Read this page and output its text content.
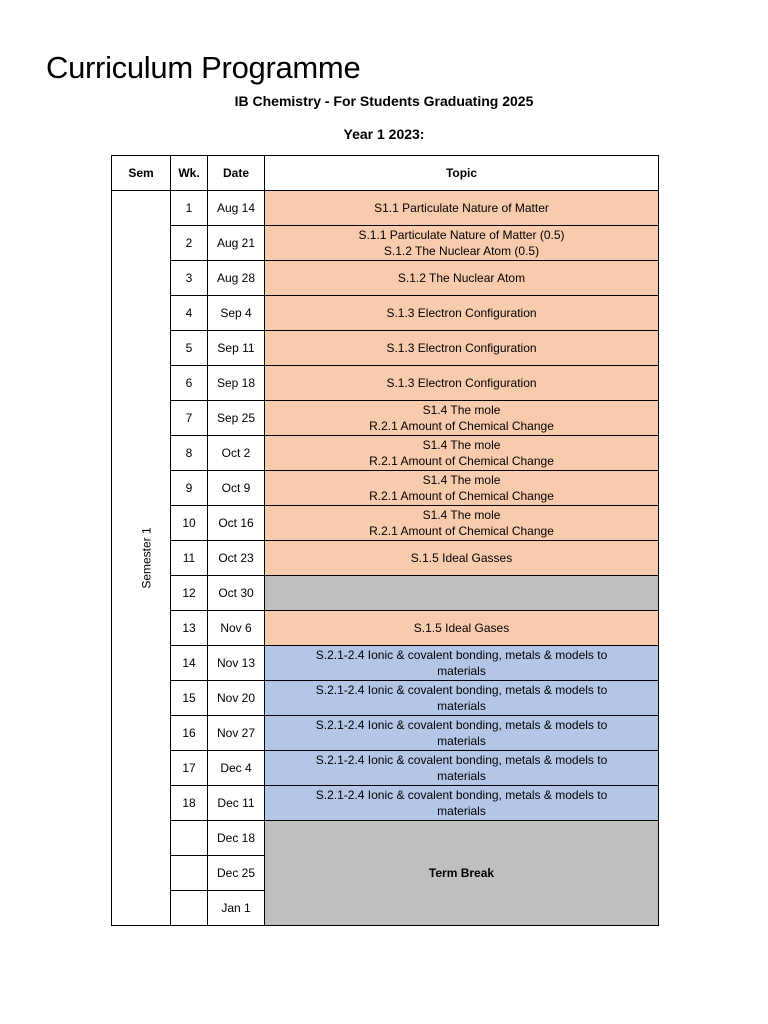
Curriculum Programme
IB Chemistry - For Students Graduating 2025
Year 1 2023:
Sem	Wk.	Date	Topic
Semester 1	1	Aug 14	S1.1 Particulate Nature of Matter

	2	Aug 21	S.1.1 Particulate Nature of Matter (0.5)
S.1.2 The Nuclear Atom (0.5)

	3	Aug 28	S.1.2 The Nuclear Atom

	4	Sep 4	S.1.3 Electron Configuration

	5	Sep 11	S.1.3 Electron Configuration

	6	Sep 18	S.1.3 Electron Configuration

	7	Sep 25	S1.4 The mole
R.2.1 Amount of Chemical Change

	8	Oct 2	S1.4 The mole
R.2.1 Amount of Chemical Change

	9	Oct 9	S1.4 The mole
R.2.1 Amount of Chemical Change

	10	Oct 16	S1.4 The mole
R.2.1 Amount of Chemical Change

	11	Oct 23	S.1.5 Ideal Gasses

	12	Oct 30	
	13	Nov 6	S.1.5 Ideal Gases

	14	Nov 13	S.2.1-2.4 Ionic & covalent bonding, metals & models to
materials

	15	Nov 20	S.2.1-2.4 Ionic & covalent bonding, metals & models to
materials

	16	Nov 27	S.2.1-2.4 Ionic & covalent bonding, metals & models to
materials

	17	Dec 4	S.2.1-2.4 Ionic & covalent bonding, metals & models to
materials

	18	Dec 11	S.2.1-2.4 Ionic & covalent bonding, metals & models to
materials

		Dec 18	Term Break
		Dec 25	
		Jan 1	
